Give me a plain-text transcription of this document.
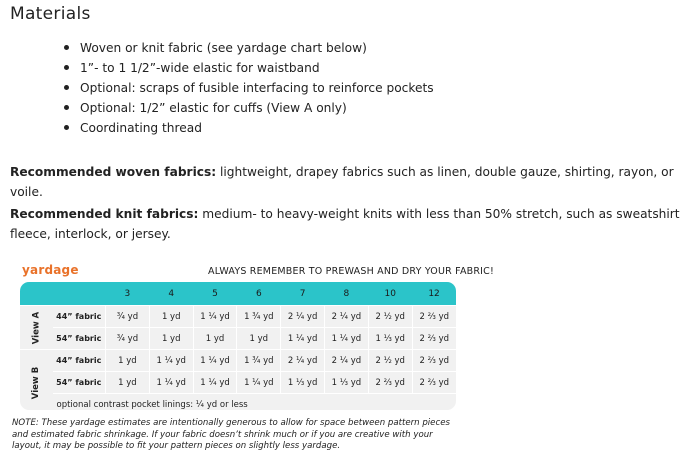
Materials
Woven or knit fabric (see yardage chart below)
1”- to 1 1/2”-wide elastic for waistband
Optional: scraps of fusible interfacing to reinforce pockets
Optional: 1/2” elastic for cuffs (View A only)
Coordinating thread
Recommended woven fabrics: lightweight, drapey fabrics such as linen, double gauze, shirting, rayon, or voile.
Recommended knit fabrics: medium- to heavy-weight knits with less than 50% stretch, such as sweatshirt fleece, interlock, or jersey.
yardage	ALWAYS REMEMBER TO PREWASH AND DRY YOUR FABRIC!
		3	4	5	6	7	8	10	12
View A	44” fabric	¾ yd	1 yd	1 ¼ yd	1 ¾ yd	2 ¼ yd	2 ¼ yd	2 ½ yd	2 ⅔ yd
	54” fabric	¾ yd	1 yd	1 yd	1 yd	1 ¼ yd	1 ¼ yd	1 ⅓ yd	2 ⅔ yd
View B	44” fabric	1 yd	1 ¼ yd	1 ¼ yd	1 ¾ yd	2 ¼ yd	2 ¼ yd	2 ½ yd	2 ⅔ yd
	54” fabric	1 yd	1 ¼ yd	1 ¼ yd	1 ¼ yd	1 ⅓ yd	1 ⅓ yd	2 ⅔ yd	2 ⅔ yd
	optional contrast pocket linings: ¼ yd or less								
NOTE: These yardage estimates are intentionally generous to allow for space between pattern pieces and estimated fabric shrinkage. If your fabric doesn’t shrink much or if you are creative with your layout, it may be possible to fit your pattern pieces on slightly less yardage.
